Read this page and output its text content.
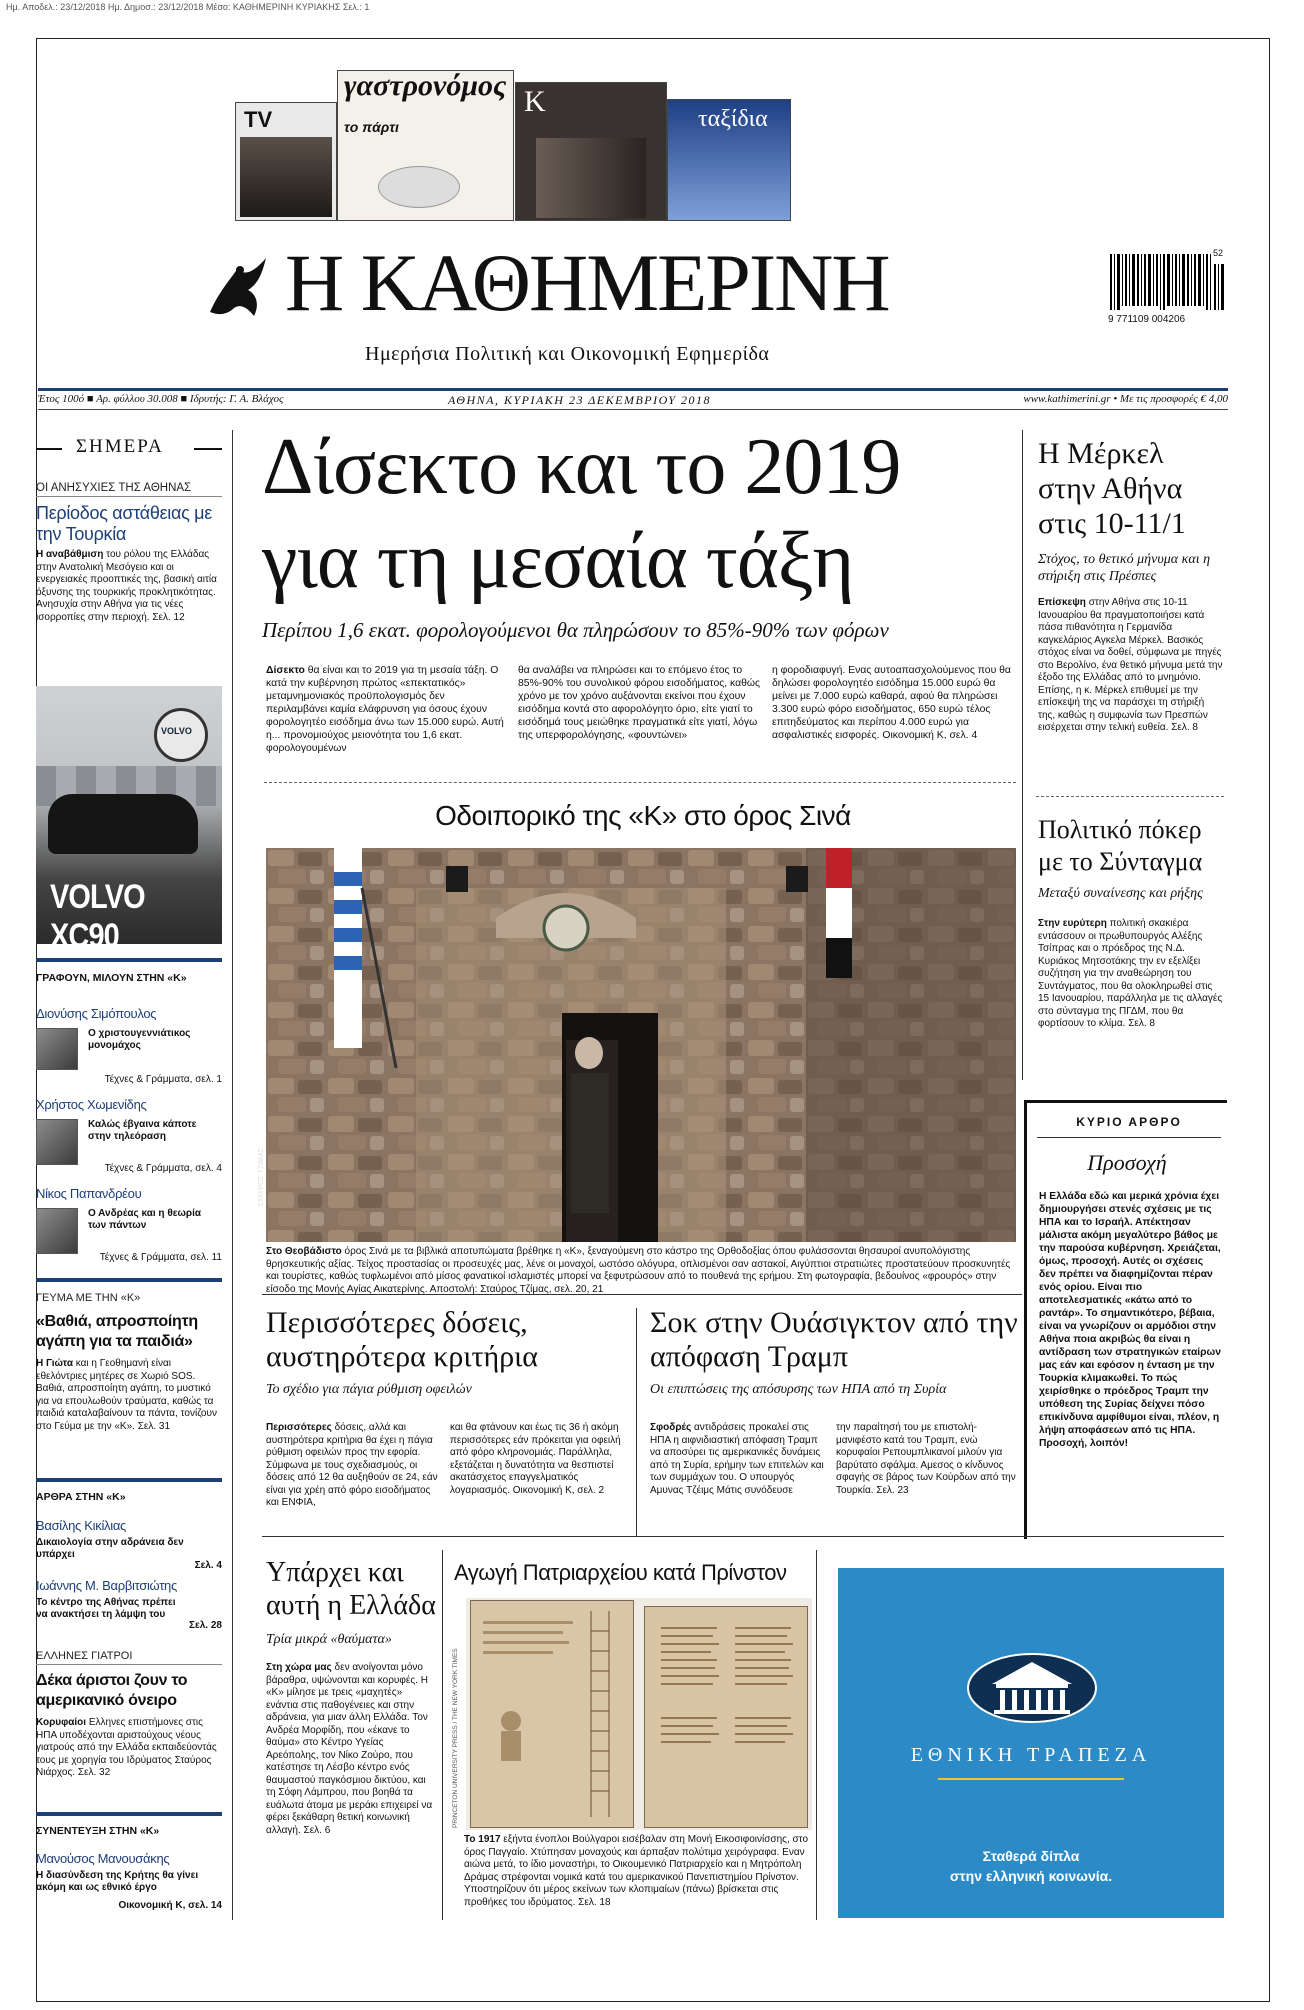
Ημ. Αποδελ.: 23/12/2018 Ημ. Δημοσ.: 23/12/2018 Μέσο: ΚΑΘΗΜΕΡΙΝΗ ΚΥΡΙΑΚΗΣ Σελ.: 1
TV
γαστρονόμος
το πάρτι
K
ταξίδια
Η ΚΑΘΗΜΕΡΙΝΗ
Ημερήσια Πολιτική και Οικονομική Εφημερίδα
9 771109 004206
52
Έτος 100ό ■ Αρ. φύλλου 30.008 ■ Ιδρυτής: Γ. Α. Βλάχος	ΑΘΗΝΑ, ΚΥΡΙΑΚΗ 23 ΔΕΚΕΜΒΡΙΟΥ 2018	www.kathimerini.gr • Με τις προσφορές € 4,00
ΣΗΜΕΡΑ
ΟΙ ΑΝΗΣΥΧΙΕΣ ΤΗΣ ΑΘΗΝΑΣ
Περίοδος αστάθειας με την Τουρκία
Η αναβάθμιση του ρόλου της Ελλάδας στην Ανατολική Μεσόγειο και οι ενεργειακές προοπτικές της, βασική αιτία όξυνσης της τουρκικής προκλητικότητας. Ανησυχία στην Αθήνα για τις νέες ισορροπίες στην περιοχή. Σελ. 12
VOLVO
VOLVO XC90
ΓΡΑΦΟΥΝ, ΜΙΛΟΥΝ ΣΤΗΝ «Κ»
Διονύσης Σιμόπουλος
Ο χριστουγεννιάτικος μονομάχος
Τέχνες & Γράμματα, σελ. 1
Χρήστος Χωμενίδης
Καλώς έβγαινα κάποτε στην τηλεόραση
Τέχνες & Γράμματα, σελ. 4
Νίκος Παπανδρέου
Ο Ανδρέας και η θεωρία των πάντων
Τέχνες & Γράμματα, σελ. 11
ΓΕΥΜΑ ΜΕ ΤΗΝ «Κ»
«Βαθιά, απροσποίητη αγάπη για τα παιδιά»
Η Γιώτα και η Γεοθημανή είναι εθελόντριες μητέρες σε Χωριό SOS. Βαθιά, απροσποίητη αγάπη, το μυστικό για να επουλωθούν τραύματα, καθώς τα παιδιά καταλαβαίνουν τα πάντα, τονίζουν στο Γεύμα με την «Κ». Σελ. 31
ΑΡΘΡΑ ΣΤΗΝ «Κ»
Βασίλης Κικίλιας
Δικαιολογία στην αδράνεια δεν υπάρχει
Σελ. 4
Ιωάννης Μ. Βαρβιτσιώτης
Το κέντρο της Αθήνας πρέπει να ανακτήσει τη λάμψη του
Σελ. 28
ΕΛΛΗΝΕΣ ΓΙΑΤΡΟΙ
Δέκα άριστοι ζουν το αμερικανικό όνειρο
Κορυφαίοι Ελληνες επιστήμονες στις ΗΠΑ υποδέχονται αριστούχους νέους γιατρούς από την Ελλάδα εκπαιδεύοντάς τους με χορηγία του Ιδρύματος Σταύρος Νιάρχος. Σελ. 32
ΣΥΝΕΝΤΕΥΞΗ ΣΤΗΝ «Κ»
Μανούσος Μανουσάκης
Η διασύνδεση της Κρήτης θα γίνει ακόμη και ως εθνικό έργο
Οικονομική Κ, σελ. 14
Δίσεκτο και το 2019
για τη μεσαία τάξη
Περίπου 1,6 εκατ. φορολογούμενοι θα πληρώσουν το 85%-90% των φόρων
Δίσεκτο θα είναι και το 2019 για τη μεσαία τάξη. Ο κατά την κυβέρνηση πρώτος «επεκτατικός» μεταμνημονιακός προϋπολογισμός δεν περιλαμβάνει καμία ελάφρυνση για όσους έχουν φορολογητέο εισόδημα άνω των 15.000 ευρώ. Αυτή η... προνομιούχος μειονότητα του 1,6 εκατ. φορολογουμένων
θα αναλάβει να πληρώσει και το επόμενο έτος το 85%-90% του συνολικού φόρου εισοδήματος, καθώς χρόνο με τον χρόνο αυξάνονται εκείνοι που έχουν εισόδημα κοντά στο αφορολόγητο όριο, είτε γιατί το εισόδημά τους μειώθηκε πραγματικά είτε γιατί, λόγω της υπερφορολόγησης, «φουντώνει»
η φοροδιαφυγή. Ενας αυτοαπασχολούμενος που θα δηλώσει φορολογητέο εισόδημα 15.000 ευρώ θα μείνει με 7.000 ευρώ καθαρά, αφού θα πληρώσει 3.300 ευρώ φόρο εισοδήματος, 650 ευρώ τέλος επιτηδεύματος και περίπου 4.000 ευρώ για ασφαλιστικές εισφορές. Οικονομική Κ, σελ. 4
Η Μέρκελ στην Αθήνα στις 10-11/1
Στόχος, το θετικό μήνυμα και η στήριξη στις Πρέσπες
Επίσκεψη στην Αθήνα στις 10-11 Ιανουαρίου θα πραγματοποιήσει κατά πάσα πιθανότητα η Γερμανίδα καγκελάριος Αγκελα Μέρκελ. Βασικός στόχος είναι να δοθεί, σύμφωνα με πηγές στο Βερολίνο, ένα θετικό μήνυμα μετά την έξοδο της Ελλάδας από το μνημόνιο. Επίσης, η κ. Μέρκελ επιθυμεί με την επίσκεψή της να παράσχει τη στήριξή της, καθώς η συμφωνία των Πρεσπών εισέρχεται στην τελική ευθεία. Σελ. 8
Πολιτικό πόκερ με το Σύνταγμα
Μεταξύ συναίνεσης και ρήξης
Στην ευρύτερη πολιτική σκακιέρα εντάσσουν οι πρωθυπουργός Αλέξης Τσίπρας και ο πρόεδρος της Ν.Δ. Κυριάκος Μητσοτάκης την εν εξελίξει συζήτηση για την αναθεώρηση του Συντάγματος, που θα ολοκληρωθεί στις 15 Ιανουαρίου, παράλληλα με τις αλλαγές στο σύνταγμα της ΠΓΔΜ, που θα φορτίσουν το κλίμα. Σελ. 8
ΚΥΡΙΟ ΑΡΘΡΟ
Προσοχή
Η Ελλάδα εδώ και μερικά χρόνια έχει δημιουργήσει στενές σχέσεις με τις ΗΠΑ και το Ισραήλ. Απέκτησαν μάλιστα ακόμη μεγαλύτερο βάθος με την παρούσα κυβέρνηση. Χρειάζεται, όμως, προσοχή. Αυτές οι σχέσεις δεν πρέπει να διαφημίζονται πέραν ενός ορίου. Είναι πιο αποτελεσματικές «κάτω από το ραντάρ». Το σημαντικότερο, βέβαια, είναι να γνωρίζουν οι αρμόδιοι στην Αθήνα ποια ακριβώς θα είναι η αντίδραση των στρατηγικών εταίρων μας εάν και εφόσον η ένταση με την Τουρκία κλιμακωθεί. Το πώς χειρίσθηκε ο πρόεδρος Τραμπ την υπόθεση της Συρίας δείχνει πόσο επικίνδυνα αμφίθυμοι είναι, πλέον, η λήψη αποφάσεων από τις ΗΠΑ. Προσοχή, λοιπόν!
Οδοιπορικό της «Κ» στο όρος Σινά
ΣΤΑΥΡΟΣ ΤΖΙΜΑΣ
Στο Θεοβάδιστο όρος Σινά με τα βιβλικά αποτυπώματα βρέθηκε η «Κ», ξεναγούμενη στο κάστρο της Ορθοδοξίας όπου φυλάσσονται θησαυροί ανυπολόγιστης θρησκευτικής αξίας. Τείχος προστασίας οι προσευχές μας, λένε οι μοναχοί, ωστόσο ολόγυρα, οπλισμένοι σαν αστακοί, Αιγύπτιοι στρατιώτες προστατεύουν προσκυνητές και τουρίστες, καθώς τυφλωμένοι από μίσος φανατικοί ισλαμιστές μπορεί να ξεφυτρώσουν από το πουθενά της ερήμου. Στη φωτογραφία, βεδουίνος «φρουρός» στην είσοδο της Μονής Αγίας Αικατερίνης. Αποστολή: Σταύρος Τζίμας, σελ. 20, 21
Περισσότερες δόσεις, αυστηρότερα κριτήρια
Το σχέδιο για πάγια ρύθμιση οφειλών
Περισσότερες δόσεις, αλλά και αυστηρότερα κριτήρια θα έχει η πάγια ρύθμιση οφειλών προς την εφορία. Σύμφωνα με τους σχεδιασμούς, οι δόσεις από 12 θα αυξηθούν σε 24, εάν είναι για χρέη από φόρο εισοδήματος και ΕΝΦΙΑ,
και θα φτάνουν και έως τις 36 ή ακόμη περισσότερες εάν πρόκειται για οφειλή από φόρο κληρονομιάς. Παράλληλα, εξετάζεται η δυνατότητα να θεσπιστεί ακατάσχετος επαγγελματικός λογαριασμός. Οικονομική Κ, σελ. 2
Σοκ στην Ουάσιγκτον από την απόφαση Τραμπ
Οι επιπτώσεις της απόσυρσης των ΗΠΑ από τη Συρία
Σφοδρές αντιδράσεις προκαλεί στις ΗΠΑ η αιφνιδιαστική απόφαση Τραμπ να αποσύρει τις αμερικανικές δυνάμεις από τη Συρία, ερήμην των επιτελών και των συμμάχων του. Ο υπουργός Αμυνας Τζέιμς Μάτις συνόδευσε
την παραίτησή του με επιστολή-μανιφέστο κατά του Τραμπ, ενώ κορυφαίοι Ρεπουμπλικανοί μιλούν για βαρύτατο σφάλμα. Αμεσος ο κίνδυνος σφαγής σε βάρος των Κούρδων από την Τουρκία. Σελ. 23
Υπάρχει και αυτή η Ελλάδα
Τρία μικρά «θαύματα»
Στη χώρα μας δεν ανοίγονται μόνο βάραθρα, υψώνονται και κορυφές. Η «Κ» μίλησε με τρεις «μαχητές» ενάντια στις παθογένειες και στην αδράνεια, για μιαν άλλη Ελλάδα. Τον Ανδρέα Μορφίδη, που «έκανε το θαύμα» στο Κέντρο Υγείας Αρεόπολης, τον Νίκο Ζούρο, που κατέστησε τη Λέσβο κέντρο ενός θαυμαστού παγκόσμιου δικτύου, και τη Σόφη Λάμπρου, που βοηθά τα ευάλωτα άτομα με μεράκι επιχειρεί να φέρει ξεκάθαρη θετική κοινωνική αλλαγή. Σελ. 6
Αγωγή Πατριαρχείου κατά Πρίνστον
PRINCETON UNIVERSITY PRESS / THE NEW YORK TIMES
Το 1917 εξήντα ένοπλοι Βούλγαροι εισέβαλαν στη Μονή Εικοσιφοινίσσης, στο όρος Παγγαίο. Χτύπησαν μοναχούς και άρπαξαν πολύτιμα χειρόγραφα. Εναν αιώνα μετά, το ίδιο μοναστήρι, το Οικουμενικό Πατριαρχείο και η Μητρόπολη Δράμας στρέφονται νομικά κατά του αμερικανικού Πανεπιστημίου Πρίνστον. Υποστηρίζουν ότι μέρος εκείνων των κλοπιμαίων (πάνω) βρίσκεται στις προθήκες του ιδρύματος. Σελ. 18
ΕΘΝΙΚΗ ΤΡΑΠΕΖΑ
Σταθερά δίπλα
στην ελληνική κοινωνία.
